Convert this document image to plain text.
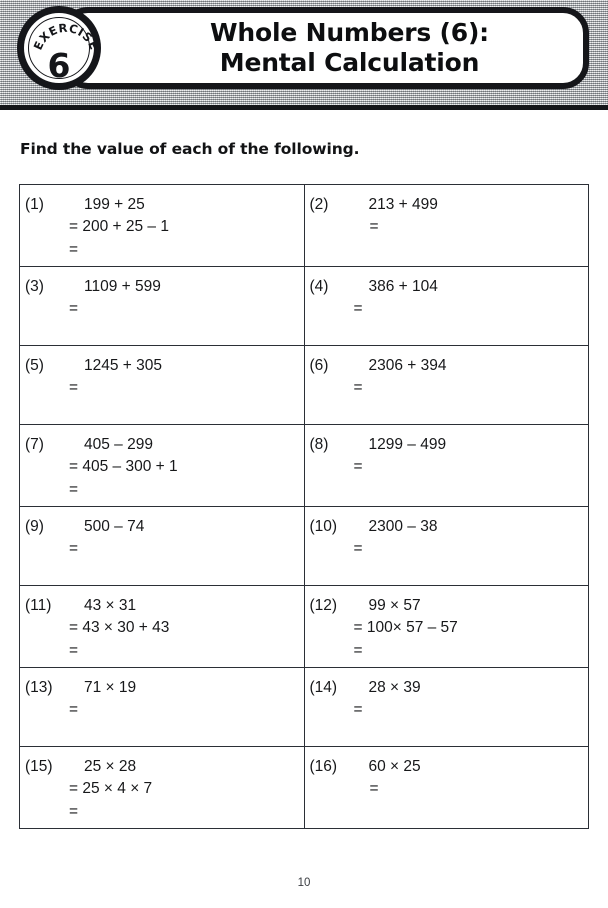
Whole Numbers (6):
Mental Calculation
EXERCISE
6
Find the value of each of the following.
(1)	199 + 25
= 200 + 25 – 1
=

(2)	213 + 499
=

(3)	1109 + 599
=

(4)	386 + 104
=

(5)	1245 + 305
=

(6)	2306 + 394
=

(7)	405 – 299
= 405 – 300 + 1
=

(8)	1299 – 499
=

(9)	500 – 74
=

(10)	2300 – 38
=

(11)	43 × 31
= 43 × 30 + 43
=

(12)	99 × 57
= 100× 57 – 57
=

(13)	71 × 19
=

(14)	28 × 39
=

(15)	25 × 28
= 25 × 4 × 7
=

(16)	60 × 25
=
10
